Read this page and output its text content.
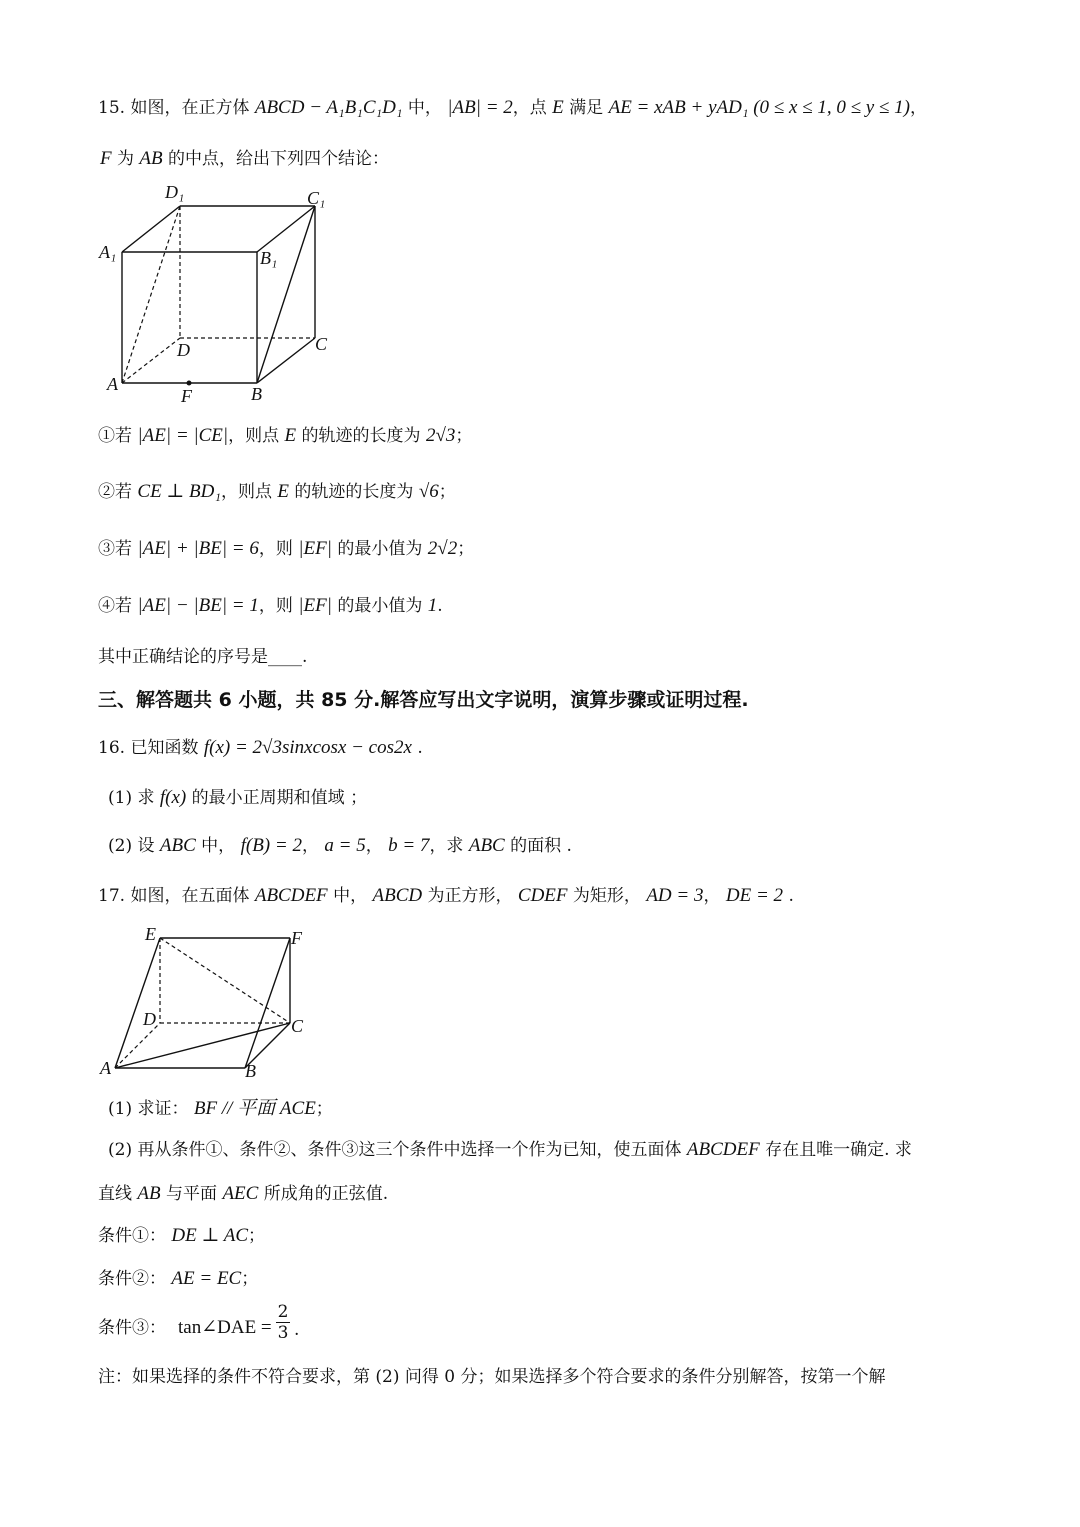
15. 如图，在正方体 ABCD − A₁B₁C₁D₁ 中， |AB| = 2，点 E 满足 AE = xAB + yAD₁ (0 ≤ x ≤ 1, 0 ≤ y ≤ 1)，
F 为 AB 的中点，给出下列四个结论：
D₁	C₁
A₁	B₁
D	C
A	B
F
①若 |AE| = |CE|，则点 E 的轨迹的长度为 2√3；
②若 CE ⊥ BD₁，则点 E 的轨迹的长度为 √6；
③若 |AE| + |BE| = 6，则 |EF| 的最小值为 2√2；
④若 |AE| − |BE| = 1，则 |EF| 的最小值为 1.
其中正确结论的序号是____.
三、解答题共 6 小题，共 85 分.解答应写出文字说明，演算步骤或证明过程.
16. 已知函数 f(x) = 2√3sinxcosx − cos2x .
(1) 求 f(x) 的最小正周期和值域 ；
(2) 设 ABC 中， f(B) = 2， a = 5， b = 7，求 ABC 的面积 .
17. 如图，在五面体 ABCDEF 中， ABCD 为正方形， CDEF 为矩形， AD = 3， DE = 2 .
E	F
D	C
A	B
(1) 求证： BF // 平面 ACE；
(2) 再从条件①、条件②、条件③这三个条件中选择一个作为已知，使五面体 ABCDEF 存在且唯一确定. 求
直线 AB 与平面 AEC 所成角的正弦值.
条件①： DE ⊥ AC；
条件②： AE = EC；
条件③： tan∠DAE =
2
3 .
注：如果选择的条件不符合要求，第 (2) 问得 0 分；如果选择多个符合要求的条件分别解答，按第一个解
